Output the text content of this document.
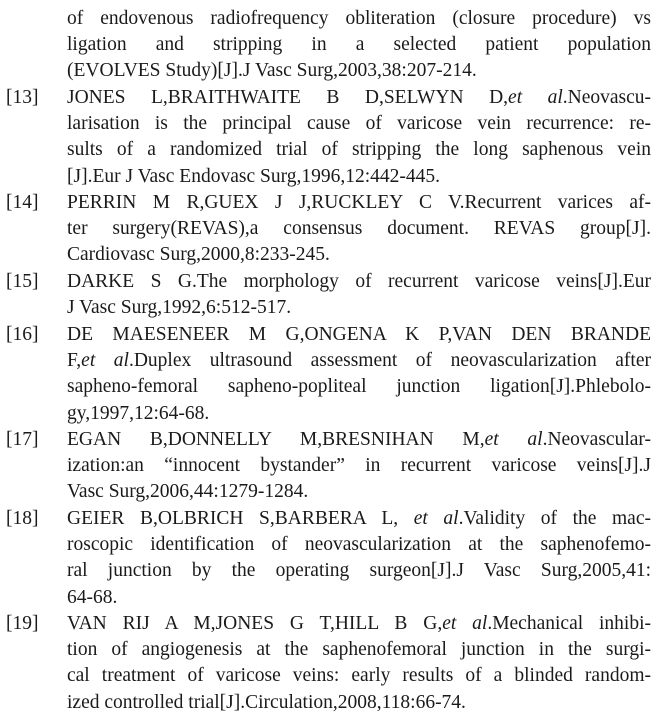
of endovenous radiofrequency obliteration (closure procedure) vs
ligation and stripping in a selected patient population
(EVOLVES Study)[J].J Vasc Surg,2003,38:207-214.
[13]	JONES L,BRAITHWAITE B D,SELWYN D,et al.Neovascu-
larisation is the principal cause of varicose vein recurrence: re-
sults of a randomized trial of stripping the long saphenous vein
[J].Eur J Vasc Endovasc Surg,1996,12:442-445.
[14]	PERRIN M R,GUEX J J,RUCKLEY C V.Recurrent varices af-
ter surgery(REVAS),a consensus document. REVAS group[J].
Cardiovasc Surg,2000,8:233-245.
[15]	DARKE S G.The morphology of recurrent varicose veins[J].Eur
J Vasc Surg,1992,6:512-517.
[16]	DE MAESENEER M G,ONGENA K P,VAN DEN BRANDE
F,et al.Duplex ultrasound assessment of neovascularization after
sapheno-femoral sapheno-popliteal junction ligation[J].Phlebolo-
gy,1997,12:64-68.
[17]	EGAN B,DONNELLY M,BRESNIHAN M,et al.Neovascular-
ization:an “innocent bystander” in recurrent varicose veins[J].J
Vasc Surg,2006,44:1279-1284.
[18]	GEIER B,OLBRICH S,BARBERA L, et al.Validity of the mac-
roscopic identification of neovascularization at the saphenofemo-
ral junction by the operating surgeon[J].J Vasc Surg,2005,41:
64-68.
[19]	VAN RIJ A M,JONES G T,HILL B G,et al.Mechanical inhibi-
tion of angiogenesis at the saphenofemoral junction in the surgi-
cal treatment of varicose veins: early results of a blinded random-
ized controlled trial[J].Circulation,2008,118:66-74.
